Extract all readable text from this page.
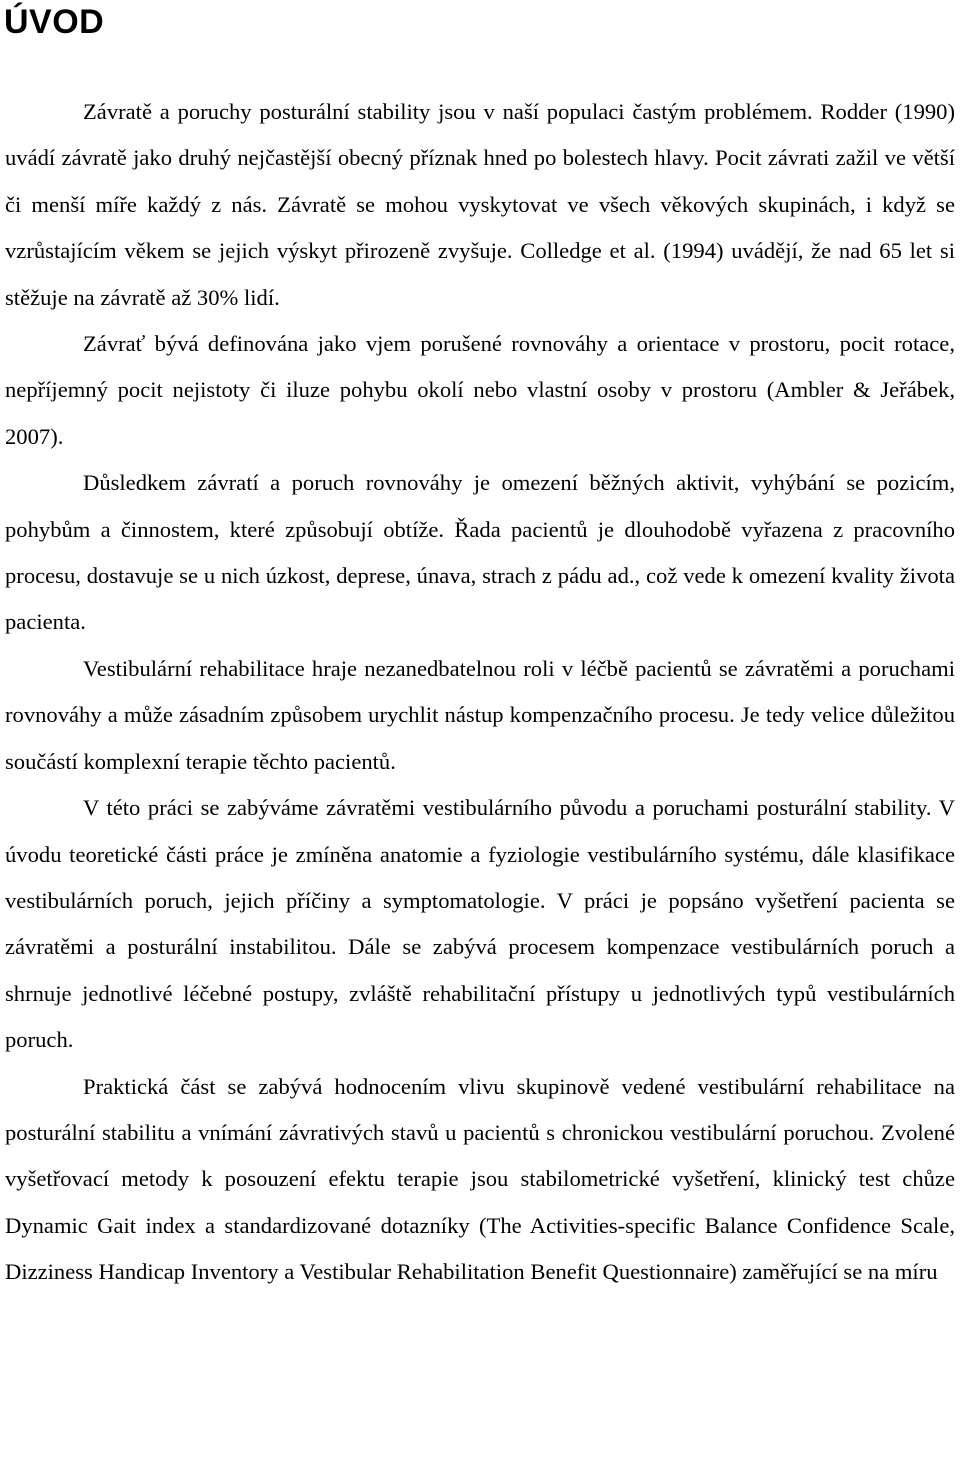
ÚVOD

Závratě a poruchy posturální stability jsou v naší populaci častým problémem. Rodder (1990) uvádí závratě jako druhý nejčastější obecný příznak hned po bolestech hlavy. Pocit závrati zažil ve větší či menší míře každý z nás. Závratě se mohou vyskytovat ve všech věkových skupinách, i když se vzrůstajícím věkem se jejich výskyt přirozeně zvyšuje. Colledge et al. (1994) uvádějí, že nad 65 let si stěžuje na závratě až 30% lidí.

Závrať bývá definována jako vjem porušené rovnováhy a orientace v prostoru, pocit rotace, nepříjemný pocit nejistoty či iluze pohybu okolí nebo vlastní osoby v prostoru (Ambler & Jeřábek, 2007).

Důsledkem závratí a poruch rovnováhy je omezení běžných aktivit, vyhýbání se pozicím, pohybům a činnostem, které způsobují obtíže. Řada pacientů je dlouhodobě vyřazena z pracovního procesu, dostavuje se u nich úzkost, deprese, únava, strach z pádu ad., což vede k omezení kvality života pacienta.

Vestibulární rehabilitace hraje nezanedbatelnou roli v léčbě pacientů se závratěmi a poruchami rovnováhy a může zásadním způsobem urychlit nástup kompenzačního procesu. Je tedy velice důležitou součástí komplexní terapie těchto pacientů.

V této práci se zabýváme závratěmi vestibulárního původu a poruchami posturální stability. V úvodu teoretické části práce je zmíněna anatomie a fyziologie vestibulárního systému, dále klasifikace vestibulárních poruch, jejich příčiny a symptomatologie. V práci je popsáno vyšetření pacienta se závratěmi a posturální instabilitou. Dále se zabývá procesem kompenzace vestibulárních poruch a shrnuje jednotlivé léčebné postupy, zvláště rehabilitační přístupy u jednotlivých typů vestibulárních poruch.

Praktická část se zabývá hodnocením vlivu skupinově vedené vestibulární rehabilitace na posturální stabilitu a vnímání závrativých stavů u pacientů s chronickou vestibulární poruchou. Zvolené vyšetřovací metody k posouzení efektu terapie jsou stabilometrické vyšetření, klinický test chůze Dynamic Gait index a standardizované dotazníky (The Activities-specific Balance Confidence Scale, Dizziness Handicap Inventory a Vestibular Rehabilitation Benefit Questionnaire) zaměřující se na míru
